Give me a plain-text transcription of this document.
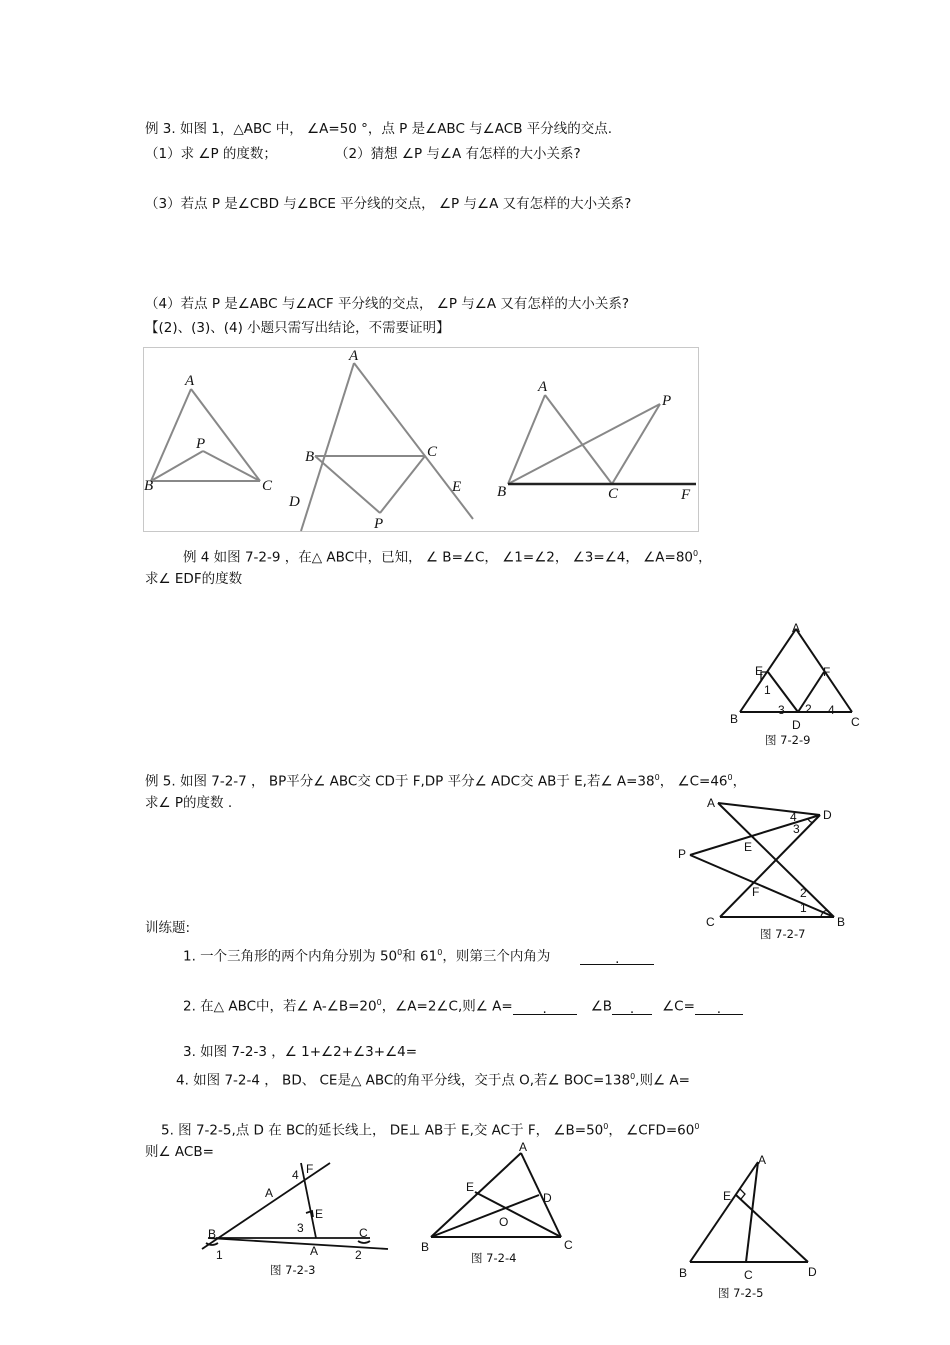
例 3. 如图 1，△ABC 中， ∠A=50 °，点 P 是∠ABC 与∠ACB 平分线的交点.
（1）求 ∠P 的度数；	（2）猜想 ∠P 与∠A 有怎样的大小关系?
（3）若点 P 是∠CBD 与∠BCE 平分线的交点， ∠P 与∠A 又有怎样的大小关系?
（4）若点 P 是∠ABC 与∠ACF 平分线的交点， ∠P 与∠A 又有怎样的大小关系?
【(2)、(3)、(4) 小题只需写出结论，不需要证明】
A
B	C
P
A
B	C
D
E
P
A
B	C
P
F
例 4 如图 7-2-9 ，在△ ABC中，已知， ∠ B=∠C， ∠1=∠2， ∠3=∠4， $\angle A=80^0$，
求∠ EDF的度数
A
E	F
1
3 2 4
B	C
D
图 7-2-9
例 5. 如图 7-2-7 ， BP平分∠ ABC交 CD于 F,DP 平分∠ ADC交 AB于 E,若∠ $A=38^0$， $\angle C=46^0$，
求∠ P的度数 .	A
D
4
3
P	E
F	2
1
C	B
图 7-2-7
训练题:
1. 一个三角形的两个内角分别为 $50^0$和 $61^0$，则第三个内角为	.
2. 在△ ABC中，若∠ $A-\angle B=20^0$，∠A=2∠C,则∠ A= .	∠B . ∠C= .
3. 如图 7-2-3 ，∠ 1+∠2+∠3+∠4=
4. 如图 7-2-4 ， BD、 CE是△ ABC的角平分线，交于点 O,若∠ $BOC=138^0$,则∠ A=
5. 图 7-2-5,点 D 在 BC的延长线上， DE⊥ AB于 E,交 AC于 F， $\angle B=50^0$， $\angle CFD=60^0$
则∠ ACB=
4 F
A
E
3
B	C
1	A	2
图 7-2-3
A
E
D
O
B	C
图 7-2-4
A
E
B	C	D
图 7-2-5
